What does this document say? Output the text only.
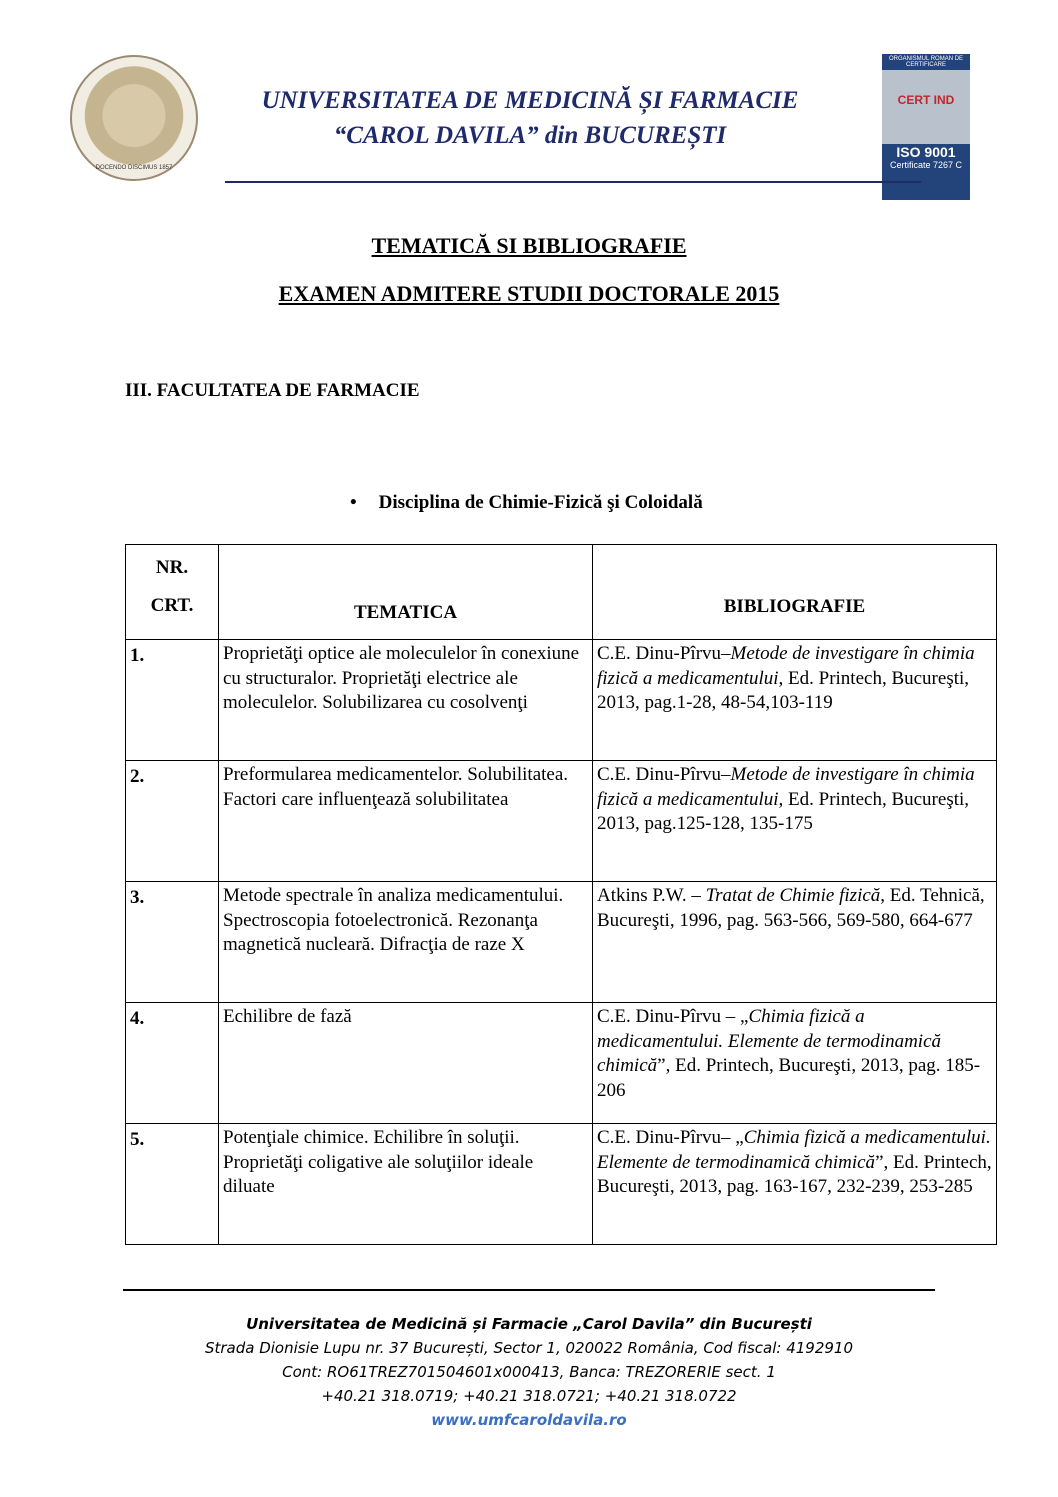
DOCENDO DISCIMUS 1857
UNIVERSITATEA DE MEDICINĂ ȘI FARMACIE
“CAROL DAVILA” din BUCUREȘTI
ORGANISMUL ROMAN DE CERTIFICARE
CERT IND
ISO 9001
Certificate 7267 C
TEMATICĂ SI BIBLIOGRAFIE
EXAMEN ADMITERE STUDII DOCTORALE 2015
III. FACULTATEA DE FARMACIE
• Disciplina de Chimie-Fizică şi Coloidală
NR.
CRT.	TEMATICA	BIBLIOGRAFIE
1.	Proprietăţi optice ale moleculelor în conexiune cu structuralor. Proprietăţi electrice ale moleculelor. Solubilizarea cu cosolvenţi	C.E. Dinu-Pîrvu–Metode de investigare în chimia fizică a medicamentului, Ed. Printech, Bucureşti, 2013, pag.1-28, 48-54,103-119
2.	Preformularea medicamentelor. Solubilitatea. Factori care influenţează solubilitatea	C.E. Dinu-Pîrvu–Metode de investigare în chimia fizică a medicamentului, Ed. Printech, Bucureşti, 2013, pag.125-128, 135-175
3.	Metode spectrale în analiza medicamentului. Spectroscopia fotoelectronică. Rezonanţa magnetică nucleară. Difracţia de raze X	Atkins P.W. – Tratat de Chimie fizică, Ed. Tehnică, Bucureşti, 1996, pag. 563-566, 569-580, 664-677
4.	Echilibre de fază	C.E. Dinu-Pîrvu – „Chimia fizică a medicamentului. Elemente de termodinamică chimică”, Ed. Printech, Bucureşti, 2013, pag. 185-206
5.	Potenţiale chimice. Echilibre în soluţii. Proprietăţi coligative ale soluţiilor ideale diluate	C.E. Dinu-Pîrvu– „Chimia fizică a medicamentului. Elemente de termodinamică chimică”, Ed. Printech, Bucureşti, 2013, pag. 163-167, 232-239, 253-285
Universitatea de Medicină și Farmacie „Carol Davila” din București
Strada Dionisie Lupu nr. 37 București, Sector 1, 020022 România, Cod fiscal: 4192910
Cont: RO61TREZ701504601x000413, Banca: TREZORERIE sect. 1
+40.21 318.0719; +40.21 318.0721; +40.21 318.0722
www.umfcaroldavila.ro
